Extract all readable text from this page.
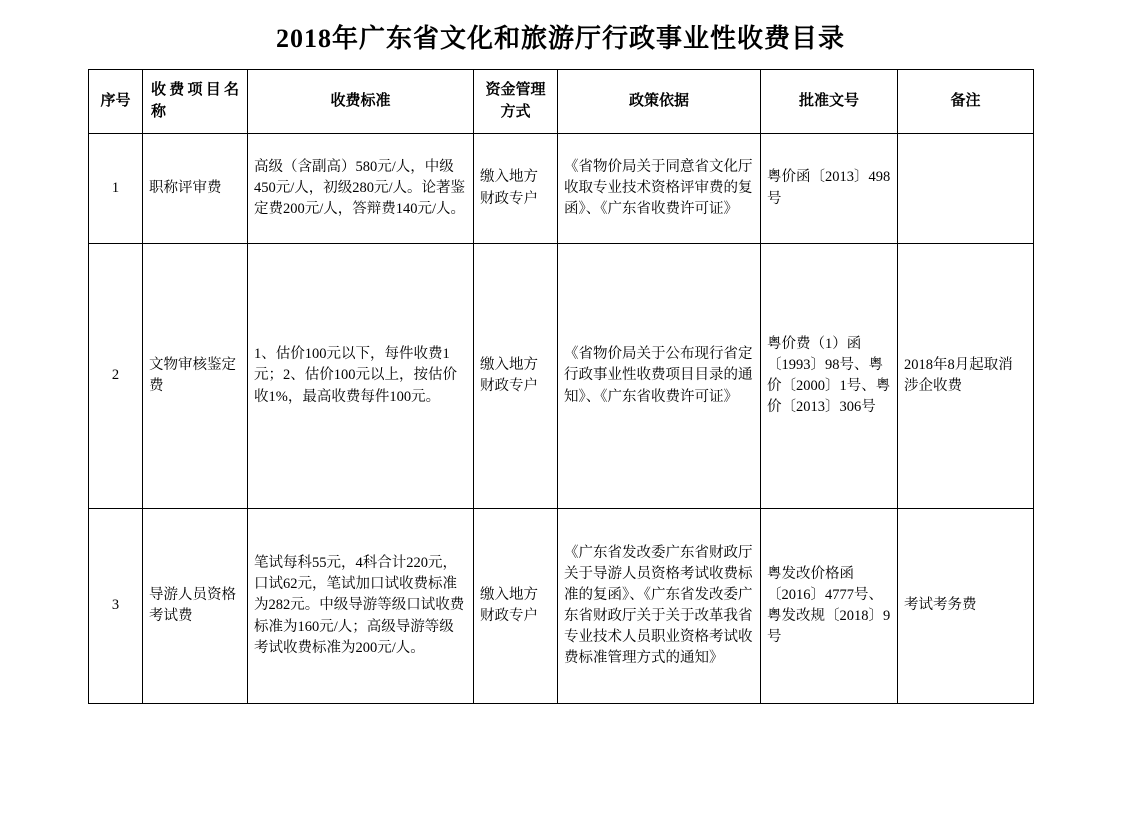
2018年广东省文化和旅游厅行政事业性收费目录
序号	收费项目名称	收费标准	资金管理方式	政策依据	批准文号	备注
1	职称评审费	高级（含副高）580元/人，中级450元/人，初级280元/人。论著鉴定费200元/人，答辩费140元/人。	缴入地方财政专户	《省物价局关于同意省文化厅收取专业技术资格评审费的复函》、《广东省收费许可证》	粤价函〔2013〕498号	
2	文物审核鉴定费	1、估价100元以下，每件收费1元；2、估价100元以上，按估价收1%，最高收费每件100元。	缴入地方财政专户	《省物价局关于公布现行省定行政事业性收费项目目录的通知》、《广东省收费许可证》	粤价费（1）函〔1993〕98号、粤价〔2000〕1号、粤价〔2013〕306号	2018年8月起取消涉企收费
3	导游人员资格考试费	笔试每科55元，4科合计220元，口试62元，笔试加口试收费标准为282元。中级导游等级口试收费标准为160元/人；高级导游等级考试收费标准为200元/人。	缴入地方财政专户	《广东省发改委广东省财政厅关于导游人员资格考试收费标准的复函》、《广东省发改委广东省财政厅关于关于改革我省专业技术人员职业资格考试收费标准管理方式的通知》	粤发改价格函〔2016〕4777号、粤发改规〔2018〕9号	考试考务费
